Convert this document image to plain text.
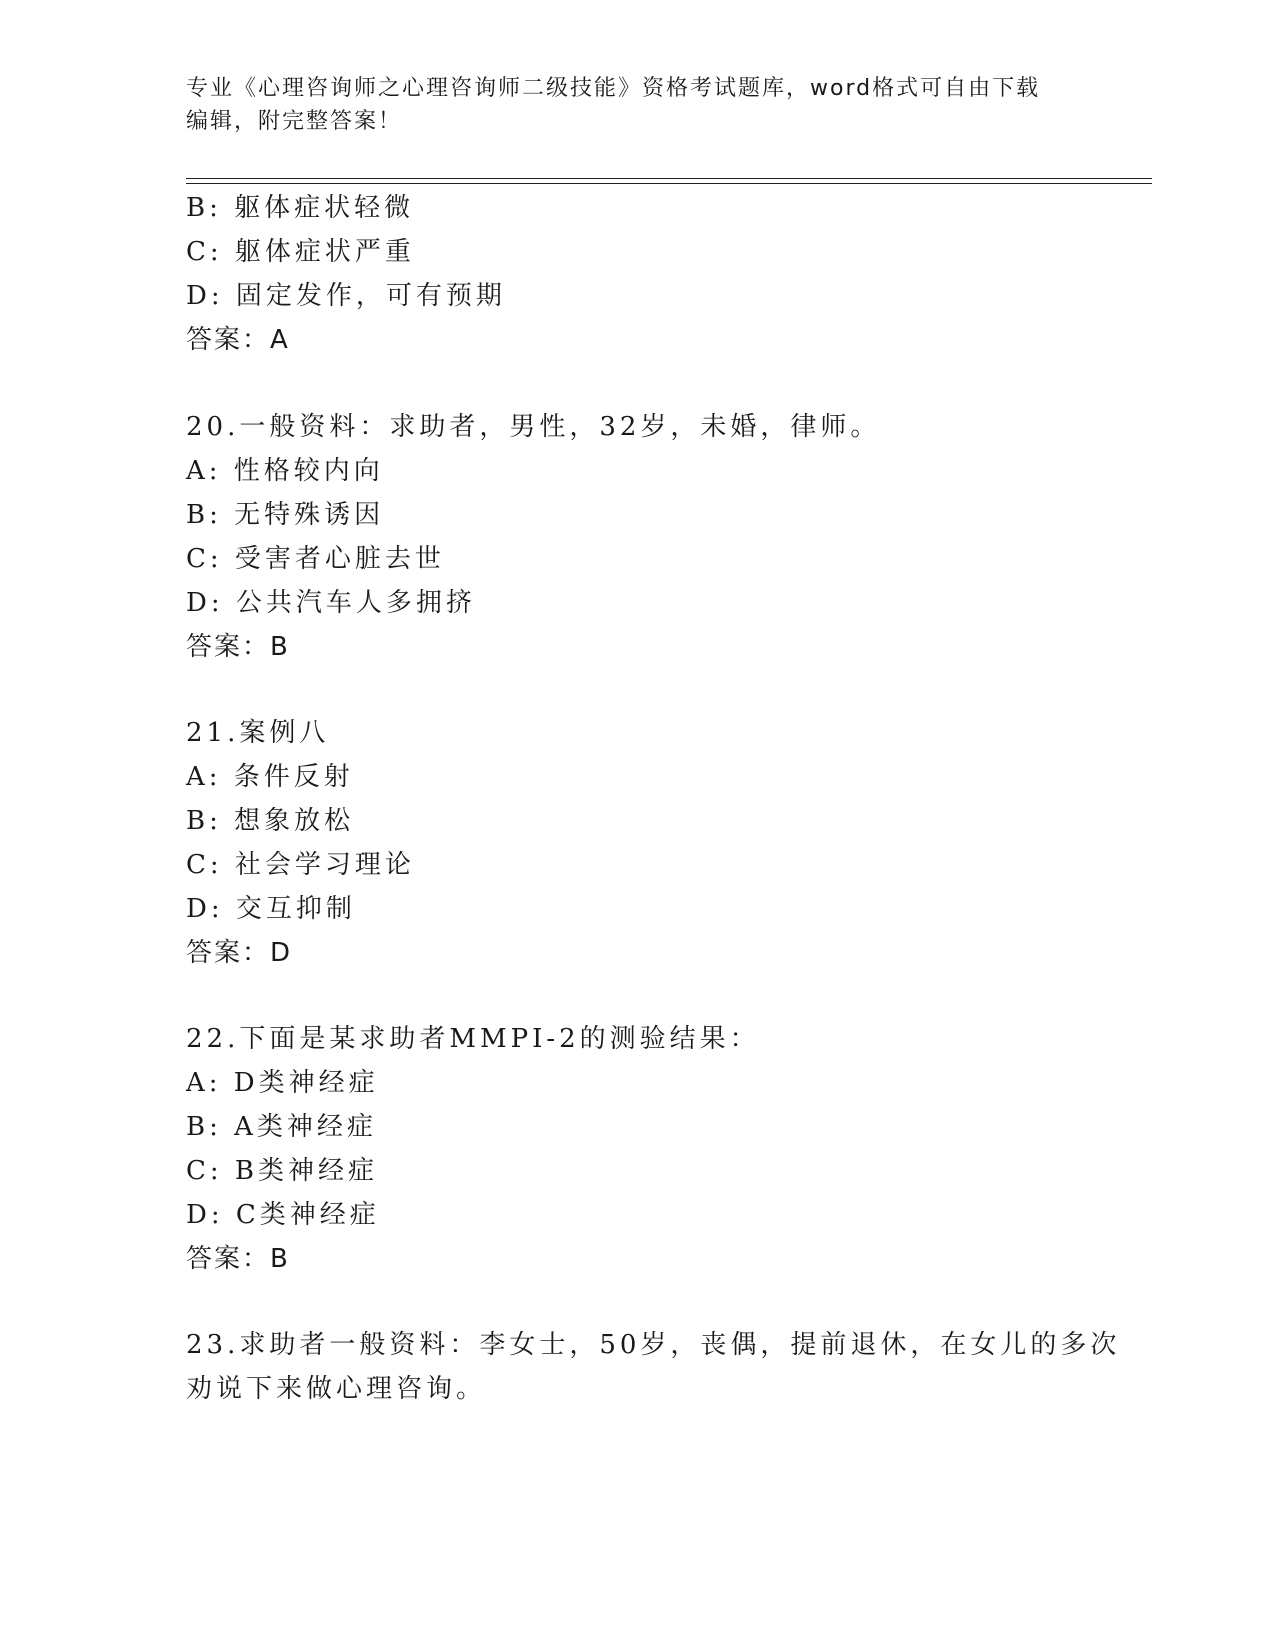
专业《心理咨询师之心理咨询师二级技能》资格考试题库，word格式可自由下载
编辑，附完整答案！
B: 躯体症状轻微
C: 躯体症状严重
D: 固定发作，可有预期
答案：A
20.一般资料：求助者，男性，32岁，未婚，律师。
A: 性格较内向
B: 无特殊诱因
C: 受害者心脏去世
D: 公共汽车人多拥挤
答案：B
21.案例八
A: 条件反射
B: 想象放松
C: 社会学习理论
D: 交互抑制
答案：D
22.下面是某求助者MMPI-2的测验结果：
A: D类神经症
B: A类神经症
C: B类神经症
D: C类神经症
答案：B
23.求助者一般资料：李女士，50岁，丧偶，提前退休，在女儿的多次
劝说下来做心理咨询。
